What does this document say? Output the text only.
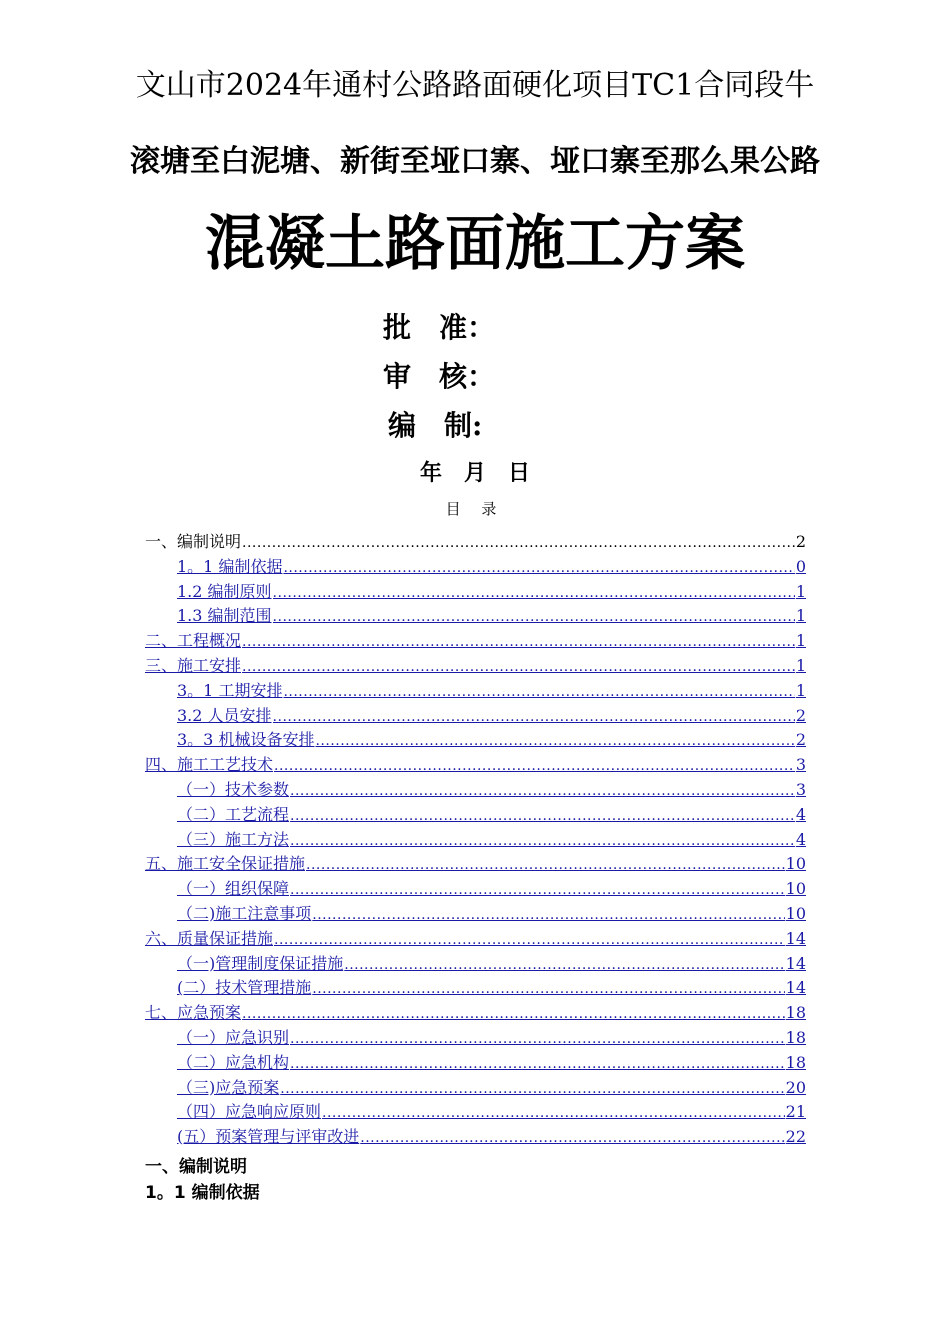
文山市2024年通村公路路面硬化项目TC1合同段牛
滚塘至白泥塘、新街至垭口寨、垭口寨至那么果公路
混凝土路面施工方案
批　准：
审　核：
编　制:
年　月　日
目 录
一、编制说明 .....	2
1。1 编制依据 .....	0
1.2 编制原则 .....	1
1.3 编制范围 .....	1
二、工程概况 .....	1
三、施工安排 .....	1
3。1 工期安排 .....	1
3.2 人员安排 .....	2
3。3 机械设备安排 .....	2
四、施工工艺技术 .....	3
（一）技术参数 .....	3
（二）工艺流程 .....	4
（三）施工方法 .....	4
五、施工安全保证措施 .....	10
（一）组织保障 .....	10
（二)施工注意事项 .....	10
六、质量保证措施 .....	14
（一)管理制度保证措施 .....	14
(二）技术管理措施 .....	14
七、应急预案 .....	18
（一）应急识别 .....	18
（二）应急机构 .....	18
（三)应急预案 .....	20
（四）应急响应原则 .....	21
(五）预案管理与评审改进 .....	22
一、编制说明
1。1 编制依据
